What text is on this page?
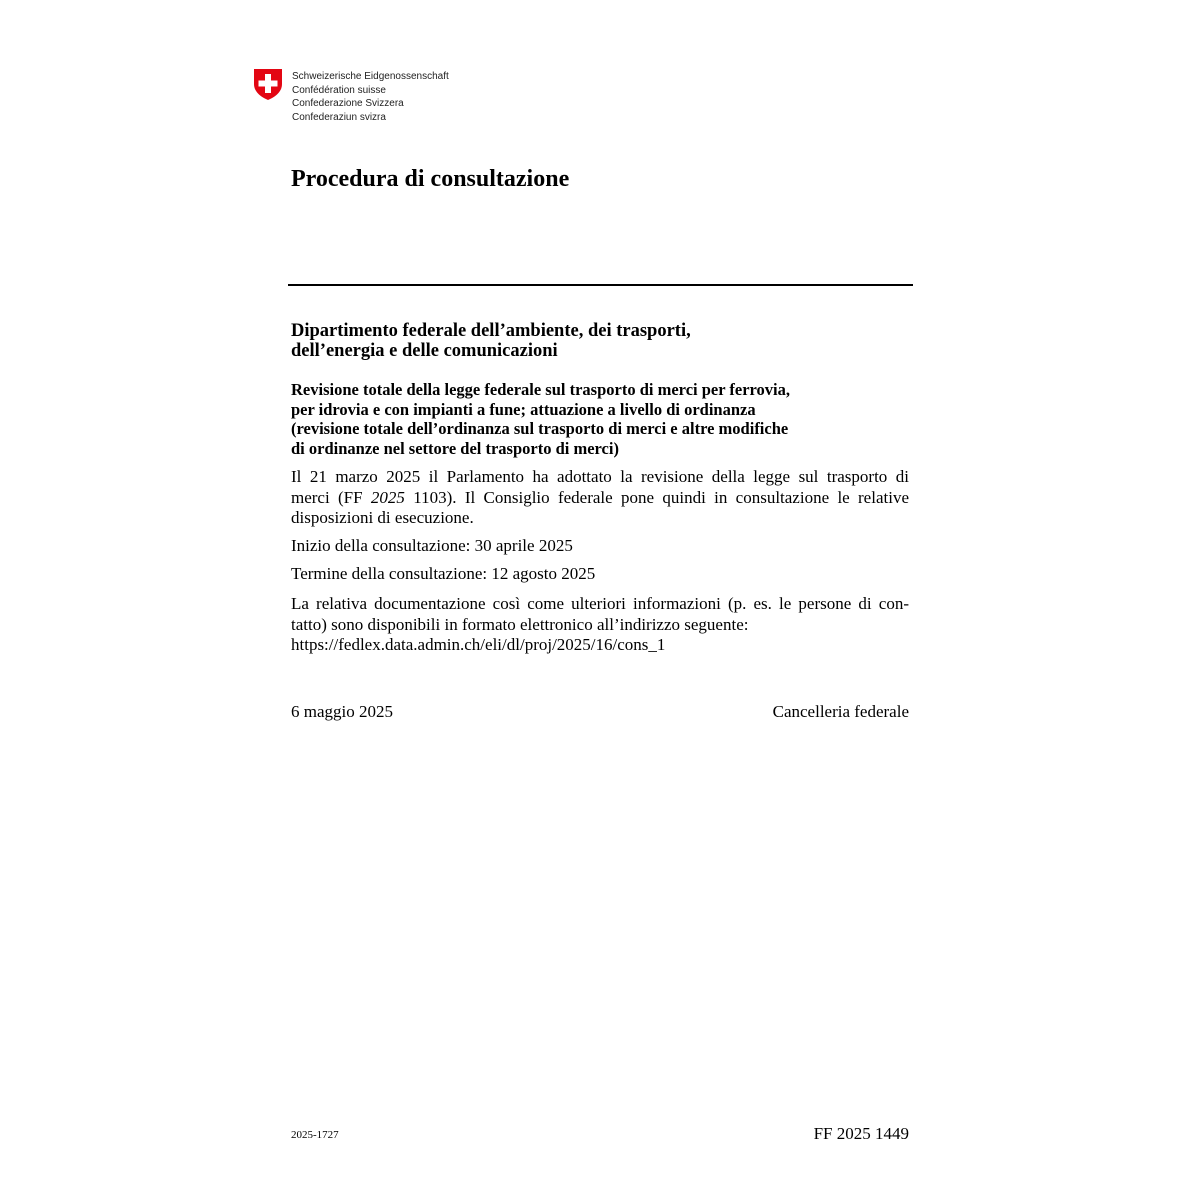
Schweizerische Eidgenossenschaft
Confédération suisse
Confederazione Svizzera
Confederaziun svizra
Procedura di consultazione
Dipartimento federale dell’ambiente, dei trasporti,
dell’energia e delle comunicazioni
Revisione totale della legge federale sul trasporto di merci per ferrovia,
per idrovia e con impianti a fune; attuazione a livello di ordinanza
(revisione totale dell’ordinanza sul trasporto di merci e altre modifiche
di ordinanze nel settore del trasporto di merci)
Il 21 marzo 2025 il Parlamento ha adottato la revisione della legge sul trasporto di
merci (FF 2025 1103). Il Consiglio federale pone quindi in consultazione le relative
disposizioni di esecuzione.
Inizio della consultazione: 30 aprile 2025
Termine della consultazione: 12 agosto 2025
La relativa documentazione così come ulteriori informazioni (p. es. le persone di con-
tatto) sono disponibili in formato elettronico all’indirizzo seguente:
https://fedlex.data.admin.ch/eli/dl/proj/2025/16/cons_1
6 maggio 2025	Cancelleria federale
2025-1727	FF 2025 1449
